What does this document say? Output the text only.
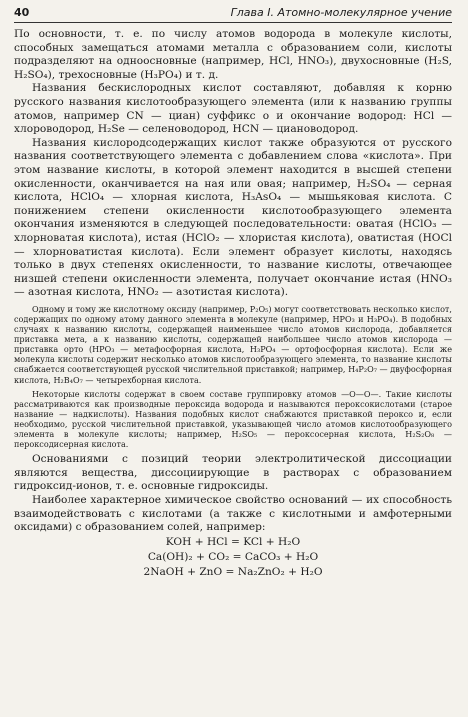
40	Глава I. Атомно-молекулярное учение

По основности, т. е. по числу атомов водорода в молекуле кислоты, способных замещаться атомами металла с образованием соли, кислоты подразделяют на одноосновные (например, HCl, HNO₃), двухосновные (H₂S, H₂SO₄), трехосновные (H₃PO₄) и т. д.

Названия бескислородных кислот составляют, добавляя к корню русского названия кислотообразующего элемента (или к названию группы атомов, например CN — циан) суффикс о и окончание водород: HCl — хлороводород, H₂Se — селеноводород, HCN — циановодород.

Названия кислородсодержащих кислот также образуются от русского названия соответствующего элемента с добавлением слова «кислота». При этом название кислоты, в которой элемент находится в высшей степени окисленности, оканчивается на ная или овая; например, H₂SO₄ — серная кислота, HClO₄ — хлорная кислота, H₃AsO₄ — мышьяковая кислота. С понижением степени окисленности кислотообразующего элемента окончания изменяются в следующей последовательности: оватая (HClO₃ — хлорноватая кислота), истая (HClO₂ — хлористая кислота), оватистая (HOCl — хлорноватистая кислота). Если элемент образует кислоты, находясь только в двух степенях окисленности, то название кислоты, отвечающее низшей степени окисленности элемента, получает окончание истая (HNO₃ — азотная кислота, HNO₂ — азотистая кислота).

Одному и тому же кислотному оксиду (например, P₂O₅) могут соответствовать несколько кислот, содержащих по одному атому данного элемента в молекуле (например, HPO₃ и H₃PO₄). В подобных случаях к названию кислоты, содержащей наименьшее число атомов кислорода, добавляется приставка мета, а к названию кислоты, содержащей наибольшее число атомов кислорода — приставка орто (HPO₃ — метафосфорная кислота, H₃PO₄ — ортофосфорная кислота). Если же молекула кислоты содержит несколько атомов кислотообразующего элемента, то название кислоты снабжается соответствующей русской числительной приставкой; например, H₄P₂O₇ — двуфосфорная кислота, H₂B₄O₇ — четырехборная кислота.

Некоторые кислоты содержат в своем составе группировку атомов —O—O—. Такие кислоты рассматриваются как производные пероксида водорода и называются пероксокислотами (старое название — надкислоты). Названия подобных кислот снабжаются приставкой пероксо и, если необходимо, русской числительной приставкой, указывающей число атомов кислотообразующего элемента в молекуле кислоты; например, H₂SO₅ — пероксосерная кислота, H₂S₂O₈ — пероксодисерная кислота.

Основаниями с позиций теории электролитической диссоциации являются вещества, диссоциирующие в растворах с образованием гидроксид-ионов, т. е. основные гидроксиды.

Наиболее характерное химическое свойство оснований — их способность взаимодействовать с кислотами (а также с кислотными и амфотерными оксидами) с образованием солей, например:

KOH + HCl = KCl + H₂O
Ca(OH)₂ + CO₂ = CaCO₃ + H₂O
2NaOH + ZnO = Na₂ZnO₂ + H₂O
